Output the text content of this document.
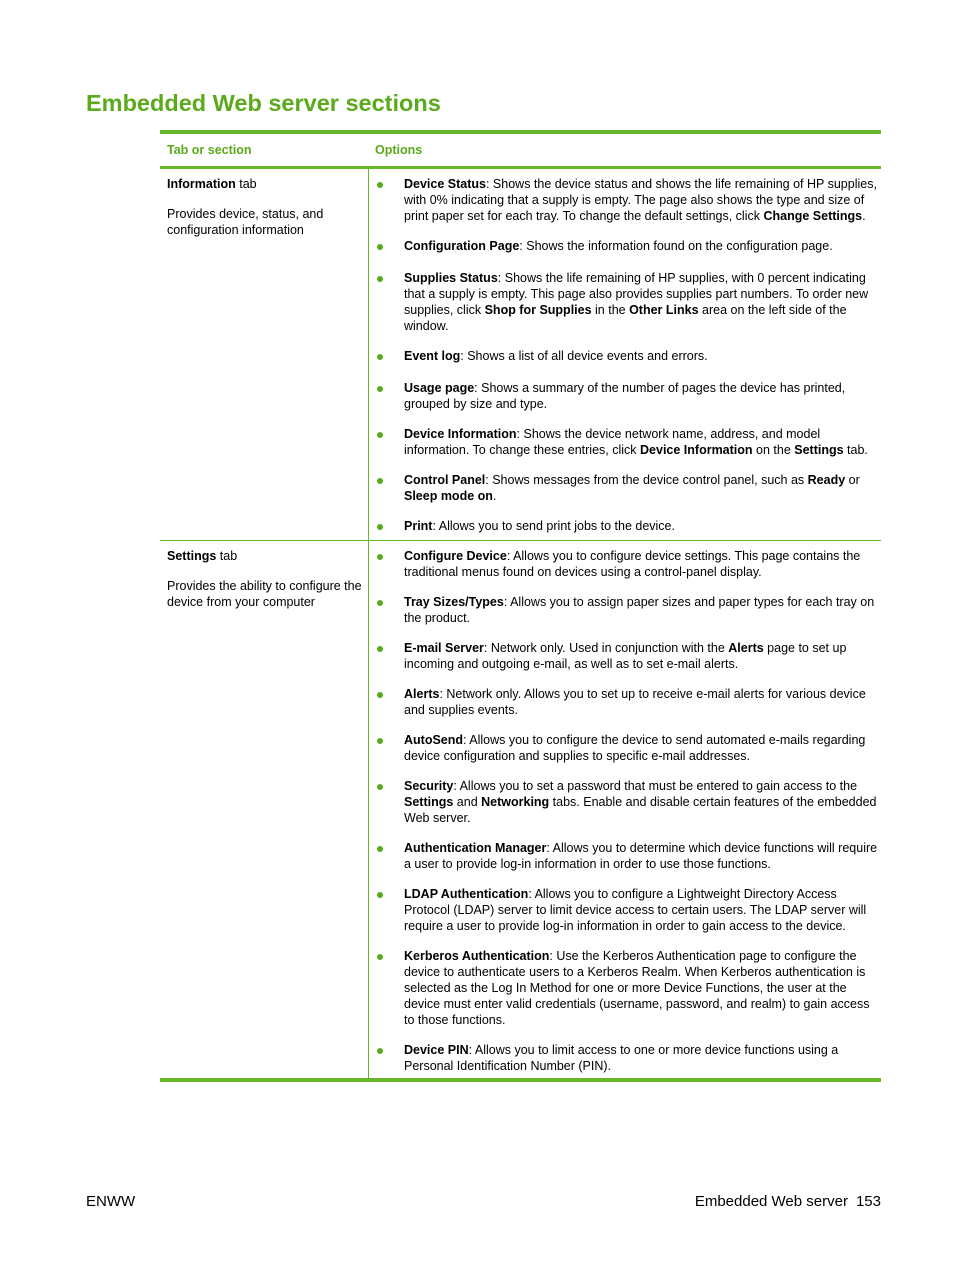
Embedded Web server sections
Tab or section	Options

Information tab

Provides device, status, and configuration information

Device Status: Shows the device status and shows the life remaining of HP supplies, with 0% indicating that a supply is empty. The page also shows the type and size of print paper set for each tray. To change the default settings, click Change Settings.
Configuration Page: Shows the information found on the configuration page.
Supplies Status: Shows the life remaining of HP supplies, with 0 percent indicating that a supply is empty. This page also provides supplies part numbers. To order new supplies, click Shop for Supplies in the Other Links area on the left side of the window.
Event log: Shows a list of all device events and errors.
Usage page: Shows a summary of the number of pages the device has printed, grouped by size and type.
Device Information: Shows the device network name, address, and model information. To change these entries, click Device Information on the Settings tab.
Control Panel: Shows messages from the device control panel, such as Ready or Sleep mode on.
Print: Allows you to send print jobs to the device.

Settings tab

Provides the ability to configure the device from your computer

Configure Device: Allows you to configure device settings. This page contains the traditional menus found on devices using a control-panel display.
Tray Sizes/Types: Allows you to assign paper sizes and paper types for each tray on the product.
E-mail Server: Network only. Used in conjunction with the Alerts page to set up incoming and outgoing e-mail, as well as to set e-mail alerts.
Alerts: Network only. Allows you to set up to receive e-mail alerts for various device and supplies events.
AutoSend: Allows you to configure the device to send automated e-mails regarding device configuration and supplies to specific e-mail addresses.
Security: Allows you to set a password that must be entered to gain access to the Settings and Networking tabs. Enable and disable certain features of the embedded Web server.
Authentication Manager: Allows you to determine which device functions will require a user to provide log-in information in order to use those functions.
LDAP Authentication: Allows you to configure a Lightweight Directory Access Protocol (LDAP) server to limit device access to certain users. The LDAP server will require a user to provide log-in information in order to gain access to the device.
Kerberos Authentication: Use the Kerberos Authentication page to configure the device to authenticate users to a Kerberos Realm. When Kerberos authentication is selected as the Log In Method for one or more Device Functions, the user at the device must enter valid credentials (username, password, and realm) to gain access to those functions.
Device PIN: Allows you to limit access to one or more device functions using a Personal Identification Number (PIN).
ENWW	Embedded Web server 153
